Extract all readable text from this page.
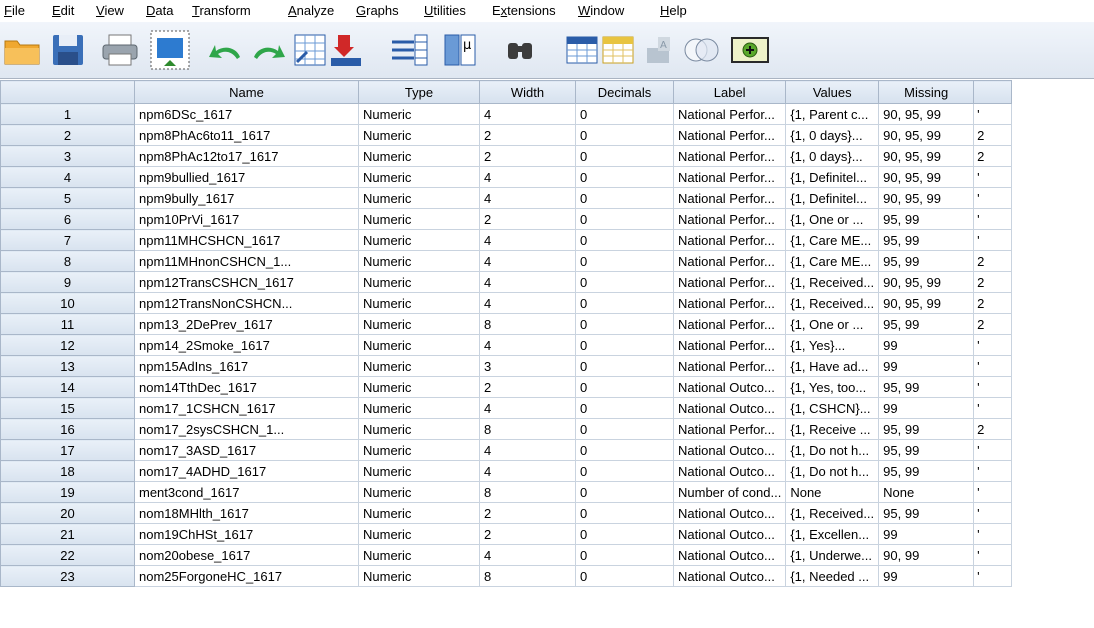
File Edit View Data Transform	Analyze Graphs Utilities Extensions Window	Help
μ	A
	Name	Type	Width	Decimals	Label	Values	Missing	
1	npm6DSc_1617	Numeric	4	0	National Perfor...	{1, Parent c...	90, 95, 99	'
2	npm8PhAc6to11_1617	Numeric	2	0	National Perfor...	{1, 0 days}...	90, 95, 99	2
3	npm8PhAc12to17_1617	Numeric	2	0	National Perfor...	{1, 0 days}...	90, 95, 99	2
4	npm9bullied_1617	Numeric	4	0	National Perfor...	{1, Definitel...	90, 95, 99	'
5	npm9bully_1617	Numeric	4	0	National Perfor...	{1, Definitel...	90, 95, 99	'
6	npm10PrVi_1617	Numeric	2	0	National Perfor...	{1, One or ...	95, 99	'
7	npm11MHCSHCN_1617	Numeric	4	0	National Perfor...	{1, Care ME...	95, 99	'
8	npm11MHnonCSHCN_1...	Numeric	4	0	National Perfor...	{1, Care ME...	95, 99	2
9	npm12TransCSHCN_1617	Numeric	4	0	National Perfor...	{1, Received...	90, 95, 99	2
10	npm12TransNonCSHCN...	Numeric	4	0	National Perfor...	{1, Received...	90, 95, 99	2
11	npm13_2DePrev_1617	Numeric	8	0	National Perfor...	{1, One or ...	95, 99	2
12	npm14_2Smoke_1617	Numeric	4	0	National Perfor...	{1, Yes}...	99	'
13	npm15AdIns_1617	Numeric	3	0	National Perfor...	{1, Have ad...	99	'
14	nom14TthDec_1617	Numeric	2	0	National Outco...	{1, Yes, too...	95, 99	'
15	nom17_1CSHCN_1617	Numeric	4	0	National Outco...	{1, CSHCN}...	99	'
16	nom17_2sysCSHCN_1...	Numeric	8	0	National Perfor...	{1, Receive ...	95, 99	2
17	nom17_3ASD_1617	Numeric	4	0	National Outco...	{1, Do not h...	95, 99	'
18	nom17_4ADHD_1617	Numeric	4	0	National Outco...	{1, Do not h...	95, 99	'
19	ment3cond_1617	Numeric	8	0	Number of cond...	None	None	'
20	nom18MHlth_1617	Numeric	2	0	National Outco...	{1, Received...	95, 99	'
21	nom19ChHSt_1617	Numeric	2	0	National Outco...	{1, Excellen...	99	'
22	nom20obese_1617	Numeric	4	0	National Outco...	{1, Underwe...	90, 99	'
23	nom25ForgoneHC_1617	Numeric	8	0	National Outco...	{1, Needed ...	99	'
